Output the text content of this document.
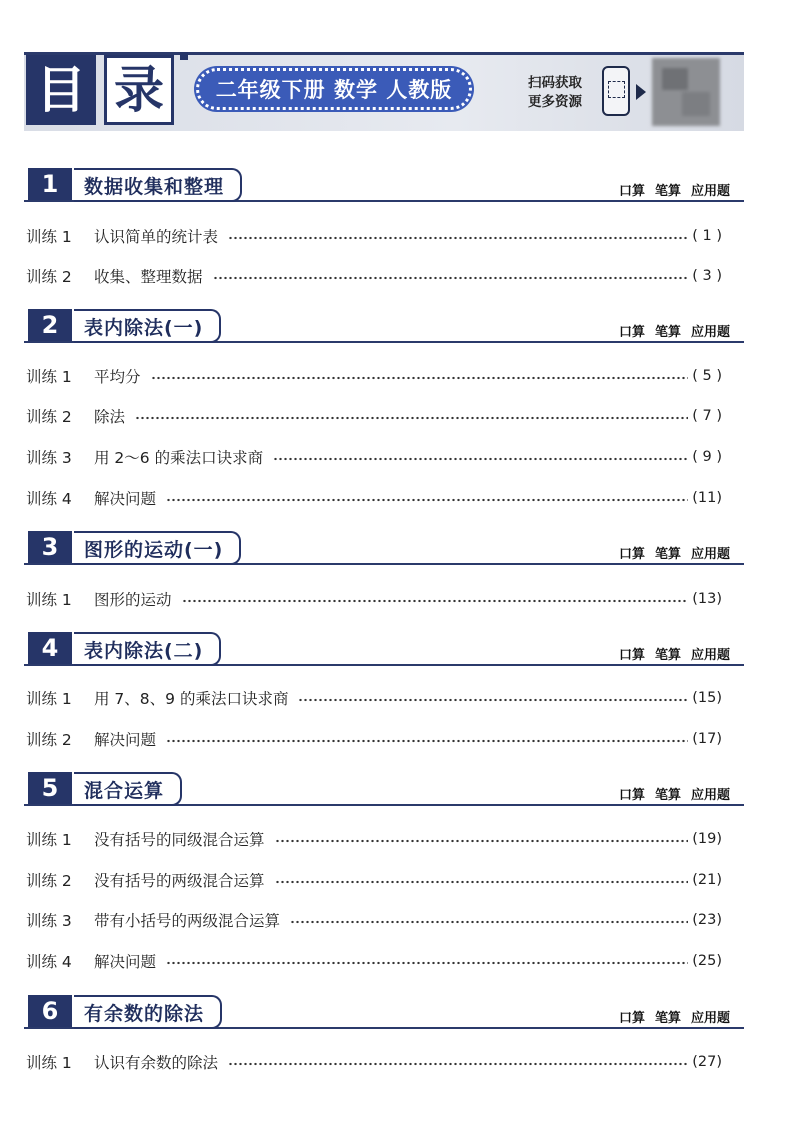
目 录	二年级下册 数学 人教版	扫码获取
更多资源
1	数据收集和整理	口算 笔算 应用题
训练 1	认识简单的统计表	( 1 )
训练 2	收集、整理数据	( 3 )
2	表内除法(一)	口算 笔算 应用题
训练 1	平均分	( 5 )
训练 2	除法	( 7 )
训练 3	用 2～6 的乘法口诀求商	( 9 )
训练 4	解决问题	(11)
3	图形的运动(一)	口算 笔算 应用题
训练 1	图形的运动	(13)
4	表内除法(二)	口算 笔算 应用题
训练 1	用 7、8、9 的乘法口诀求商	(15)
训练 2	解决问题	(17)
5	混合运算	口算 笔算 应用题
训练 1	没有括号的同级混合运算	(19)
训练 2	没有括号的两级混合运算	(21)
训练 3	带有小括号的两级混合运算	(23)
训练 4	解决问题	(25)
6	有余数的除法	口算 笔算 应用题
训练 1	认识有余数的除法	(27)
